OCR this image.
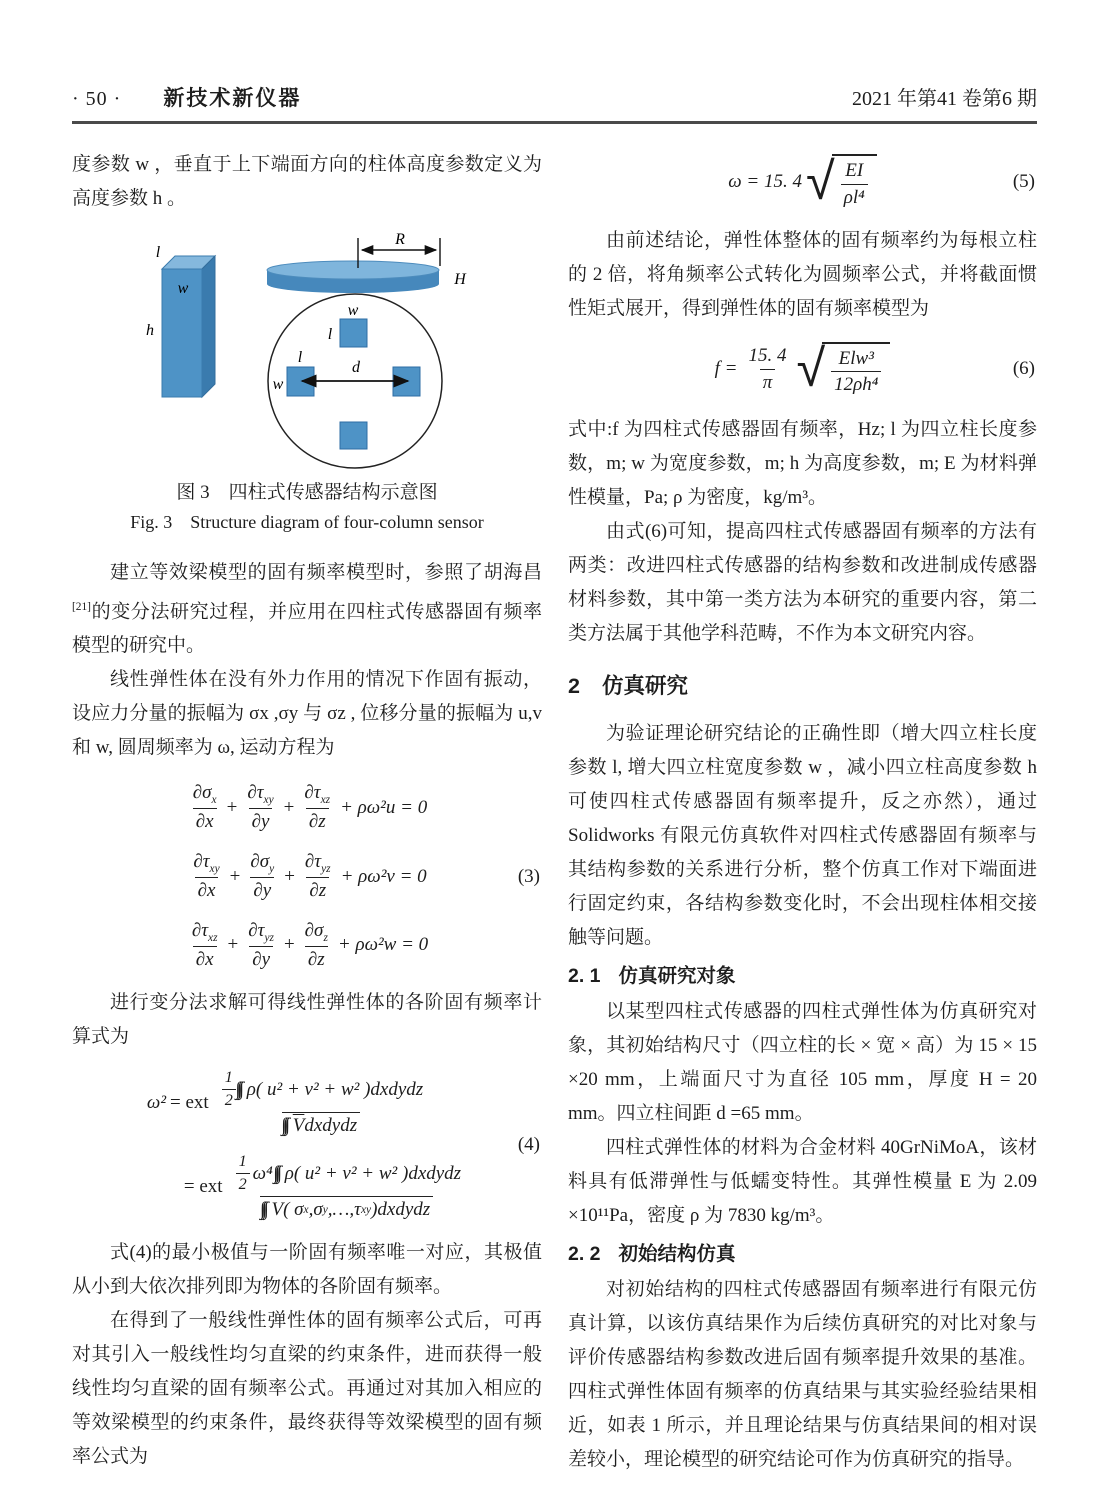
· 50 · 新技术新仪器	2021 年第41 卷第6 期

度参数 w ，垂直于上下端面方向的柱体高度参数定义为高度参数 h 。

l
w
h
R
H
w
l
l
w
d
图 3　四柱式传感器结构示意图
Fig. 3　Structure diagram of four-column sensor

建立等效梁模型的固有频率模型时，参照了胡海昌[21]的变分法研究过程，并应用在四柱式传感器固有频率模型的研究中。

线性弹性体在没有外力作用的情况下作固有振动，设应力分量的振幅为 σx ,σy 与 σz , 位移分量的振幅为 u,v 和 w, 圆周频率为 ω, 运动方程为

$\frac{\partial\sigma_x}{\partial x} + \frac{\partial\tau_{xy}}{\partial y} + \frac{\partial\tau_{xz}}{\partial z} + \rho\omega^2u = 0$
$\frac{\partial\tau_{xy}}{\partial x} + \frac{\partial\sigma_y}{\partial y} + \frac{\partial\tau_{yz}}{\partial z} + \rho\omega^2v = 0$
$\frac{\partial\tau_{xz}}{\partial x} + \frac{\partial\tau_{yz}}{\partial y} + \frac{\partial\sigma_z}{\partial z} + \rho\omega^2w = 0$
(3)

进行变分法求解可得线性弹性体的各阶固有频率计算式为

ω² = ext $\frac{\frac{1}{2} \rho( u^2 + v^2 + w^2 )dxdydz}{\overline{V} dxdydz}$
= ext $\frac{1}{2} \omega^4$ ρ( u² + v² + w² )dxdydz
V( σ x ,σ y ,…,τ xy )dxdydz
(4)

式(4)的最小极值与一阶固有频率唯一对应，其极值从小到大依次排列即为物体的各阶固有频率。

在得到了一般线性弹性体的固有频率公式后，可再对其引入一般线性均匀直梁的约束条件，进而获得一般线性均匀直梁的固有频率公式。再通过对其加入相应的等效梁模型的约束条件，最终获得等效梁模型的固有频率公式为

ω = 15. 4 √ $\frac{EI}{\text{ρl⁴}}$	(5)

由前述结论，弹性体整体的固有频率约为每根立柱的 2 倍，将角频率公式转化为圆频率公式，并将截面惯性矩式展开，得到弹性体的固有频率模型为

$f = \frac{15. 4}{\pi}$ √ $\frac{\text{Elw³}}{\text{12ρh⁴}}$	(6)

式中:f 为四柱式传感器固有频率，Hz; l 为四立柱长度参数，m; w 为宽度参数，m; h 为高度参数，m; E 为材料弹性模量，Pa; ρ 为密度，kg/m³。

由式(6)可知，提高四柱式传感器固有频率的方法有两类：改进四柱式传感器的结构参数和改进制成传感器材料参数，其中第一类方法为本研究的重要内容，第二类方法属于其他学科范畴，不作为本文研究内容。

2 仿真研究

为验证理论研究结论的正确性即（增大四立柱长度参数 l, 增大四立柱宽度参数 w ，减小四立柱高度参数 h 可使四柱式传感器固有频率提升，反之亦然），通过 Solidworks 有限元仿真软件对四柱式传感器固有频率与其结构参数的关系进行分析，整个仿真工作对下端面进行固定约束，各结构参数变化时，不会出现柱体相交接触等问题。

2. 1 仿真研究对象

以某型四柱式传感器的四柱式弹性体为仿真研究对象，其初始结构尺寸（四立柱的长 × 宽 × 高）为 15 × 15 ×20 mm，上端面尺寸为直径 105 mm，厚度 H = 20 mm。四立柱间距 d =65 mm。

四柱式弹性体的材料为合金材料 40GrNiMoA，该材料具有低滞弹性与低蠕变特性。其弹性模量 E 为 2.09 ×10¹¹Pa，密度 ρ 为 7830 kg/m³。

2. 2 初始结构仿真

对初始结构的四柱式传感器固有频率进行有限元仿真计算，以该仿真结果作为后续仿真研究的对比对象与评价传感器结构参数改进后固有频率提升效果的基准。四柱式弹性体固有频率的仿真结果与其实验经验结果相近，如表 1 所示，并且理论结果与仿真结果间的相对误差较小，理论模型的研究结论可作为仿真研究的指导。
